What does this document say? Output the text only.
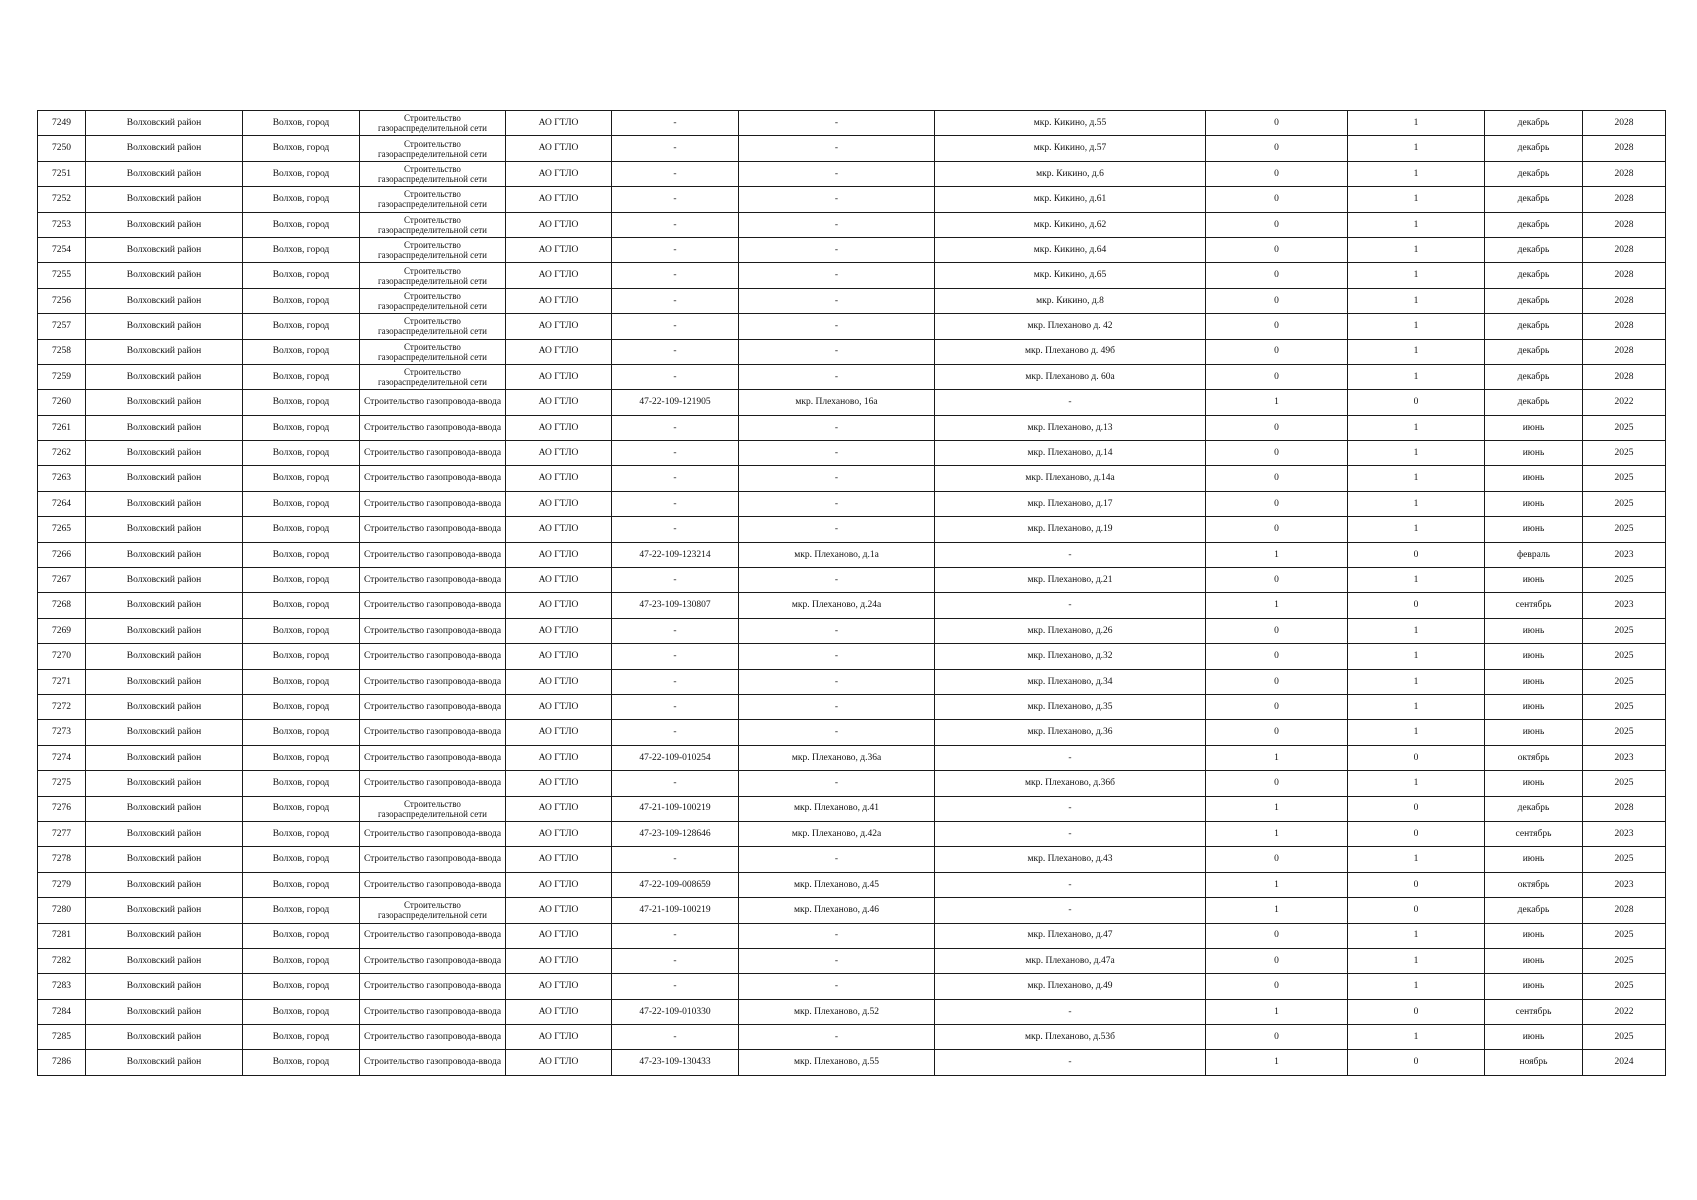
7249	Волховский район	Волхов, город	Строительство газораспределительной сети	АО ГТЛО	-	-	мкр. Кикино, д.55	0	1	декабрь	2028
7250	Волховский район	Волхов, город	Строительство газораспределительной сети	АО ГТЛО	-	-	мкр. Кикино, д.57	0	1	декабрь	2028
7251	Волховский район	Волхов, город	Строительство газораспределительной сети	АО ГТЛО	-	-	мкр. Кикино, д.6	0	1	декабрь	2028
7252	Волховский район	Волхов, город	Строительство газораспределительной сети	АО ГТЛО	-	-	мкр. Кикино, д.61	0	1	декабрь	2028
7253	Волховский район	Волхов, город	Строительство газораспределительной сети	АО ГТЛО	-	-	мкр. Кикино, д.62	0	1	декабрь	2028
7254	Волховский район	Волхов, город	Строительство газораспределительной сети	АО ГТЛО	-	-	мкр. Кикино, д.64	0	1	декабрь	2028
7255	Волховский район	Волхов, город	Строительство газораспределительной сети	АО ГТЛО	-	-	мкр. Кикино, д.65	0	1	декабрь	2028
7256	Волховский район	Волхов, город	Строительство газораспределительной сети	АО ГТЛО	-	-	мкр. Кикино, д.8	0	1	декабрь	2028
7257	Волховский район	Волхов, город	Строительство газораспределительной сети	АО ГТЛО	-	-	мкр. Плеханово д. 42	0	1	декабрь	2028
7258	Волховский район	Волхов, город	Строительство газораспределительной сети	АО ГТЛО	-	-	мкр. Плеханово д. 49б	0	1	декабрь	2028
7259	Волховский район	Волхов, город	Строительство газораспределительной сети	АО ГТЛО	-	-	мкр. Плеханово д. 60а	0	1	декабрь	2028
7260	Волховский район	Волхов, город	Строительство газопровода-ввода	АО ГТЛО	47-22-109-121905	мкр. Плеханово, 16а	-	1	0	декабрь	2022
7261	Волховский район	Волхов, город	Строительство газопровода-ввода	АО ГТЛО	-	-	мкр. Плеханово, д.13	0	1	июнь	2025
7262	Волховский район	Волхов, город	Строительство газопровода-ввода	АО ГТЛО	-	-	мкр. Плеханово, д.14	0	1	июнь	2025
7263	Волховский район	Волхов, город	Строительство газопровода-ввода	АО ГТЛО	-	-	мкр. Плеханово, д.14а	0	1	июнь	2025
7264	Волховский район	Волхов, город	Строительство газопровода-ввода	АО ГТЛО	-	-	мкр. Плеханово, д.17	0	1	июнь	2025
7265	Волховский район	Волхов, город	Строительство газопровода-ввода	АО ГТЛО	-	-	мкр. Плеханово, д.19	0	1	июнь	2025
7266	Волховский район	Волхов, город	Строительство газопровода-ввода	АО ГТЛО	47-22-109-123214	мкр. Плеханово, д.1а	-	1	0	февраль	2023
7267	Волховский район	Волхов, город	Строительство газопровода-ввода	АО ГТЛО	-	-	мкр. Плеханово, д.21	0	1	июнь	2025
7268	Волховский район	Волхов, город	Строительство газопровода-ввода	АО ГТЛО	47-23-109-130807	мкр. Плеханово, д.24а	-	1	0	сентябрь	2023
7269	Волховский район	Волхов, город	Строительство газопровода-ввода	АО ГТЛО	-	-	мкр. Плеханово, д.26	0	1	июнь	2025
7270	Волховский район	Волхов, город	Строительство газопровода-ввода	АО ГТЛО	-	-	мкр. Плеханово, д.32	0	1	июнь	2025
7271	Волховский район	Волхов, город	Строительство газопровода-ввода	АО ГТЛО	-	-	мкр. Плеханово, д.34	0	1	июнь	2025
7272	Волховский район	Волхов, город	Строительство газопровода-ввода	АО ГТЛО	-	-	мкр. Плеханово, д.35	0	1	июнь	2025
7273	Волховский район	Волхов, город	Строительство газопровода-ввода	АО ГТЛО	-	-	мкр. Плеханово, д.36	0	1	июнь	2025
7274	Волховский район	Волхов, город	Строительство газопровода-ввода	АО ГТЛО	47-22-109-010254	мкр. Плеханово, д.36а	-	1	0	октябрь	2023
7275	Волховский район	Волхов, город	Строительство газопровода-ввода	АО ГТЛО	-	-	мкр. Плеханово, д.36б	0	1	июнь	2025
7276	Волховский район	Волхов, город	Строительство газораспределительной сети	АО ГТЛО	47-21-109-100219	мкр. Плеханово, д.41	-	1	0	декабрь	2028
7277	Волховский район	Волхов, город	Строительство газопровода-ввода	АО ГТЛО	47-23-109-128646	мкр. Плеханово, д.42а	-	1	0	сентябрь	2023
7278	Волховский район	Волхов, город	Строительство газопровода-ввода	АО ГТЛО	-	-	мкр. Плеханово, д.43	0	1	июнь	2025
7279	Волховский район	Волхов, город	Строительство газопровода-ввода	АО ГТЛО	47-22-109-008659	мкр. Плеханово, д.45	-	1	0	октябрь	2023
7280	Волховский район	Волхов, город	Строительство газораспределительной сети	АО ГТЛО	47-21-109-100219	мкр. Плеханово, д.46	-	1	0	декабрь	2028
7281	Волховский район	Волхов, город	Строительство газопровода-ввода	АО ГТЛО	-	-	мкр. Плеханово, д.47	0	1	июнь	2025
7282	Волховский район	Волхов, город	Строительство газопровода-ввода	АО ГТЛО	-	-	мкр. Плеханово, д.47а	0	1	июнь	2025
7283	Волховский район	Волхов, город	Строительство газопровода-ввода	АО ГТЛО	-	-	мкр. Плеханово, д.49	0	1	июнь	2025
7284	Волховский район	Волхов, город	Строительство газопровода-ввода	АО ГТЛО	47-22-109-010330	мкр. Плеханово, д.52	-	1	0	сентябрь	2022
7285	Волховский район	Волхов, город	Строительство газопровода-ввода	АО ГТЛО	-	-	мкр. Плеханово, д.53б	0	1	июнь	2025
7286	Волховский район	Волхов, город	Строительство газопровода-ввода	АО ГТЛО	47-23-109-130433	мкр. Плеханово, д.55	-	1	0	ноябрь	2024
